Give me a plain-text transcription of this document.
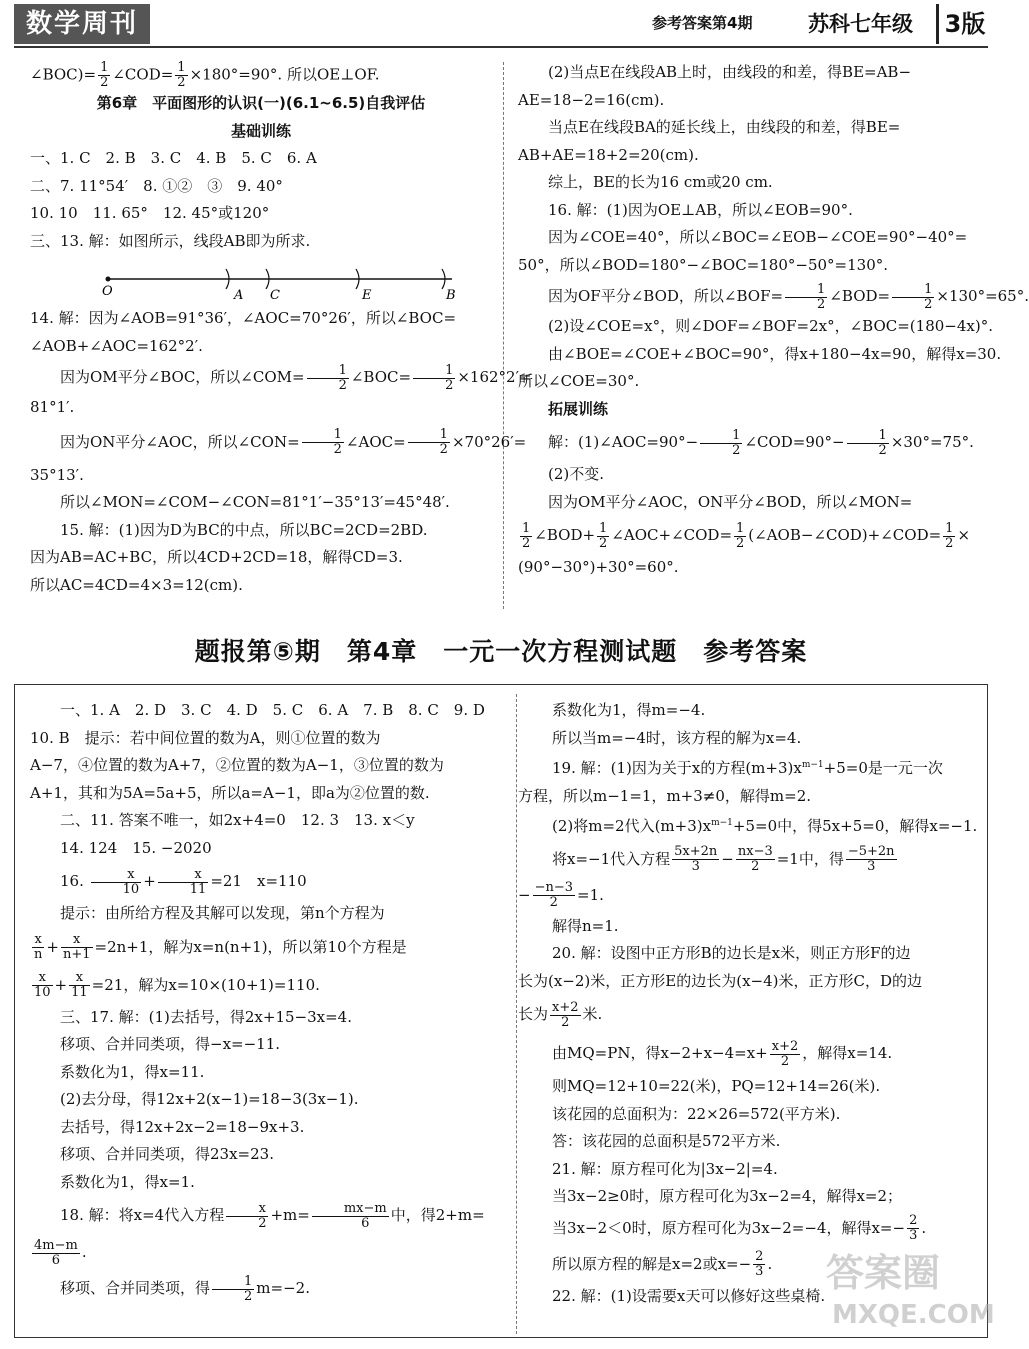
数学周刊	参考答案第4期	苏科七年级	3版

∠BOC)= $\frac{1}{2}$ ∠COD= $\frac{1}{2} \times 180^\circ=90^\circ$. 所以OE⊥OF.

第6章　平面图形的认识(一)(6.1~6.5)自我评估

基础训练

一、1. C　2. B　3. C　4. B　5. C　6. A

二、7. 11°54′　8. ①②　③　9. 40°

10. 10　11. 65°　12. 45°或120°

三、13. 解：如图所示，线段AB即为所求.

14. 解：因为∠AOB=91°36′，∠AOC=70°26′，所以∠BOC=

∠AOB+∠AOC=162°2′.

因为OM平分∠BOC，所以∠COM= $\frac{1}{2}$ ∠BOC= $\frac{1}{2} \times 162^\circ 2'=$

81°1′.

因为ON平分∠AOC，所以∠CON= $\frac{1}{2}$ ∠AOC= $\frac{1}{2} \times 70^\circ 26'=$

35°13′.

所以∠MON=∠COM−∠CON=81°1′−35°13′=45°48′.

15. 解：(1)因为D为BC的中点，所以BC=2CD=2BD.

因为AB=AC+BC，所以4CD+2CD=18，解得CD=3.

所以AC=4CD=4×3=12(cm).

O	A C	E	B

(2)当点E在线段AB上时，由线段的和差，得BE=AB−

AE=18−2=16(cm).

当点E在线段BA的延长线上，由线段的和差，得BE=

AB+AE=18+2=20(cm).

综上，BE的长为16 cm或20 cm.

16. 解：(1)因为OE⊥AB，所以∠EOB=90°.

因为∠COE=40°，所以∠BOC=∠EOB−∠COE=90°−40°=

50°，所以∠BOD=180°−∠BOC=180°−50°=130°.

因为OF平分∠BOD，所以∠BOF= $\frac{1}{2}$ ∠BOD= $\frac{1}{2} \times 130^\circ=65^\circ$.

(2)设∠COE=x°，则∠DOF=∠BOF=2x°，∠BOC=(180−4x)°.

由∠BOE=∠COE+∠BOC=90°，得x+180−4x=90，解得x=30.

所以∠COE=30°.

拓展训练

解：(1)∠AOC=90°− $\frac{1}{2}$ ∠COD=90°− $\frac{1}{2} \times 30^\circ=75^\circ$.

(2)不变.

因为OM平分∠AOC，ON平分∠BOD，所以∠MON=

$\frac{1}{2}$ ∠BOD+ $\frac{1}{2}$ ∠AOC+∠COD= $\frac{1}{2}$ (∠AOB−∠COD)+∠COD= $\frac{1}{2}$ ×

(90°−30°)+30°=60°.

题报第⑤期　第4章　一元一次方程测试题　参考答案

一、1. A　2. D　3. C　4. D　5. C　6. A　7. B　8. C　9. D

10. B　提示：若中间位置的数为A，则①位置的数为

A−7，④位置的数为A+7，②位置的数为A−1，③位置的数为

A+1，其和为5A=5a+5，所以a=A−1，即a为②位置的数.

二、11. 答案不唯一，如2x+4=0　12. 3　13. x＜y

14. 124　15. −2020

16. $\frac{x}{10} + \frac{x}{11} =21$　 x=110

提示：由所给方程及其解可以发现，第n个方程为

$\frac{x}{n} + \frac{x}{n+1} =2n+1$，解为x=n(n+1)，所以第10个方程是

$\frac{x}{10} + \frac{x}{11} =21$，解为x=10×(10+1)=110.

三、17. 解：(1)去括号，得2x+15−3x=4.

移项、合并同类项，得−x=−11.

系数化为1，得x=11.

(2)去分母，得12x+2(x−1)=18−3(3x−1).

去括号，得12x+2x−2=18−9x+3.

移项、合并同类项，得23x=23.

系数化为1，得x=1.

18. 解：将x=4代入方程 $\frac{x}{2} +m= \frac{mx-m}{6}$ 中，得2+m=

$\frac{4m-m}{6}$ .

移项、合并同类项，得 $\frac{1}{2} m=-2$.

系数化为1，得m=−4.

所以当m=−4时，该方程的解为x=4.

19. 解：(1)因为关于x的方程$(m+3)x^{m-1}+5=0$是一元一次

方程，所以m−1=1，m+3≠0，解得m=2.

(2)将m=2代入$(m+3)x^{m-1}+5=0$中，得5x+5=0，解得x=−1.

将x=−1代入方程 $\frac{5x+2n}{3} - \frac{nx-3}{2} =1$中，得 $\frac{-5+2n}{3}$

− $\frac{-n-3}{2} =1$.

解得n=1.

20. 解：设图中正方形B的边长是x米，则正方形F的边

长为(x−2)米，正方形E的边长为(x−4)米，正方形C，D的边

长为 $\frac{x+2}{2}$ 米.

由MQ=PN，得$x-2+x-4=x+ \frac{x+2}{2}$ ，解得x=14.

则MQ=12+10=22(米)，PQ=12+14=26(米).

该花园的总面积为：22×26=572(平方米).

答：该花园的总面积是572平方米.

21. 解：原方程可化为|3x−2|=4.

当3x−2≥0时，原方程可化为3x−2=4，解得x=2；

当3x−2＜0时，原方程可化为3x−2=−4，解得$x=- \frac{2}{3}$ .

所以原方程的解是x=2或$x=- \frac{2}{3}$ .

22. 解：(1)设需要x天可以修好这些桌椅.

答案圈
MXQE.COM
